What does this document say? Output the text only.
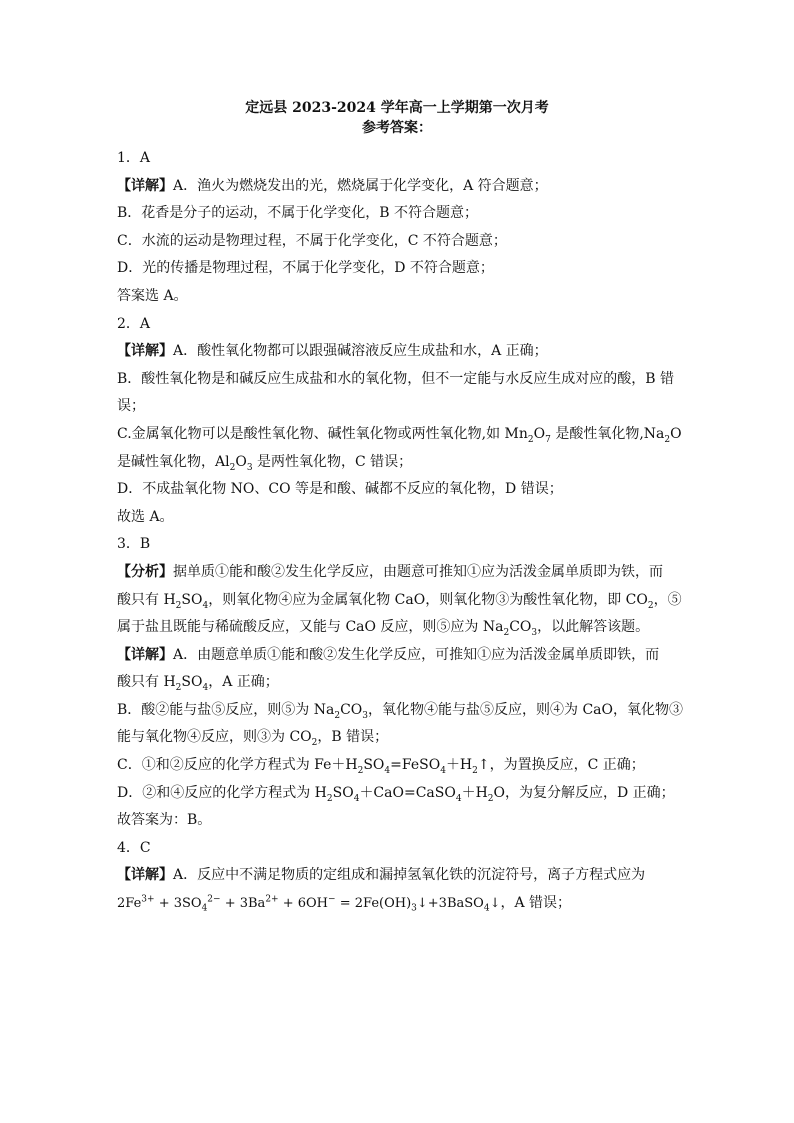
定远县 2023-2024 学年高一上学期第一次月考
参考答案：
1．A
【详解】A．渔火为燃烧发出的光，燃烧属于化学变化，A 符合题意；
B．花香是分子的运动，不属于化学变化，B 不符合题意；
C．水流的运动是物理过程，不属于化学变化，C 不符合题意；
D．光的传播是物理过程，不属于化学变化，D 不符合题意；
答案选 A。
2．A
【详解】A．酸性氧化物都可以跟强碱溶液反应生成盐和水，A 正确；
B．酸性氧化物是和碱反应生成盐和水的氧化物，但不一定能与水反应生成对应的酸，B 错
误；
C.金属氧化物可以是酸性氧化物、碱性氧化物或两性氧化物,如 $Mn_2O_7$ 是酸性氧化物$,Na_2O$
是碱性氧化物，$Al_2O_3$ 是两性氧化物，C 错误；
D．不成盐氧化物 NO、CO 等是和酸、碱都不反应的氧化物，D 错误；
故选 A。
3．B
【分析】据单质①能和酸②发生化学反应，由题意可推知①应为活泼金属单质即为铁，而
酸只有 $H_2SO_4$，则氧化物④应为金属氧化物 CaO，则氧化物③为酸性氧化物，即 $CO_2$，⑤
属于盐且既能与稀硫酸反应，又能与 CaO 反应，则⑤应为 $Na_2CO_3$，以此解答该题。
【详解】A．由题意单质①能和酸②发生化学反应，可推知①应为活泼金属单质即铁，而
酸只有 $H_2SO_4$，A 正确；
B．酸②能与盐⑤反应，则⑤为 $Na_2CO_3$，氧化物④能与盐⑤反应，则④为 CaO，氧化物③
能与氧化物④反应，则③为 $CO_2$，B 错误；
C．①和②反应的化学方程式为 $Fe+H_2SO_4=FeSO_4+H_2↑$，为置换反应，C 正确；
D．②和④反应的化学方程式为 $H_2SO_4+CaO=CaSO_4+H_2O$，为复分解反应，D 正确；
故答案为：B。
4．C
【详解】A．反应中不满足物质的定组成和漏掉氢氧化铁的沉淀符号，离子方程式应为
$2Fe^{3+} + 3SO_4^{2-} + 3Ba^{2+} + 6OH^-$ = $2Fe(OH)_3↓+3BaSO_4↓$，A 错误；
